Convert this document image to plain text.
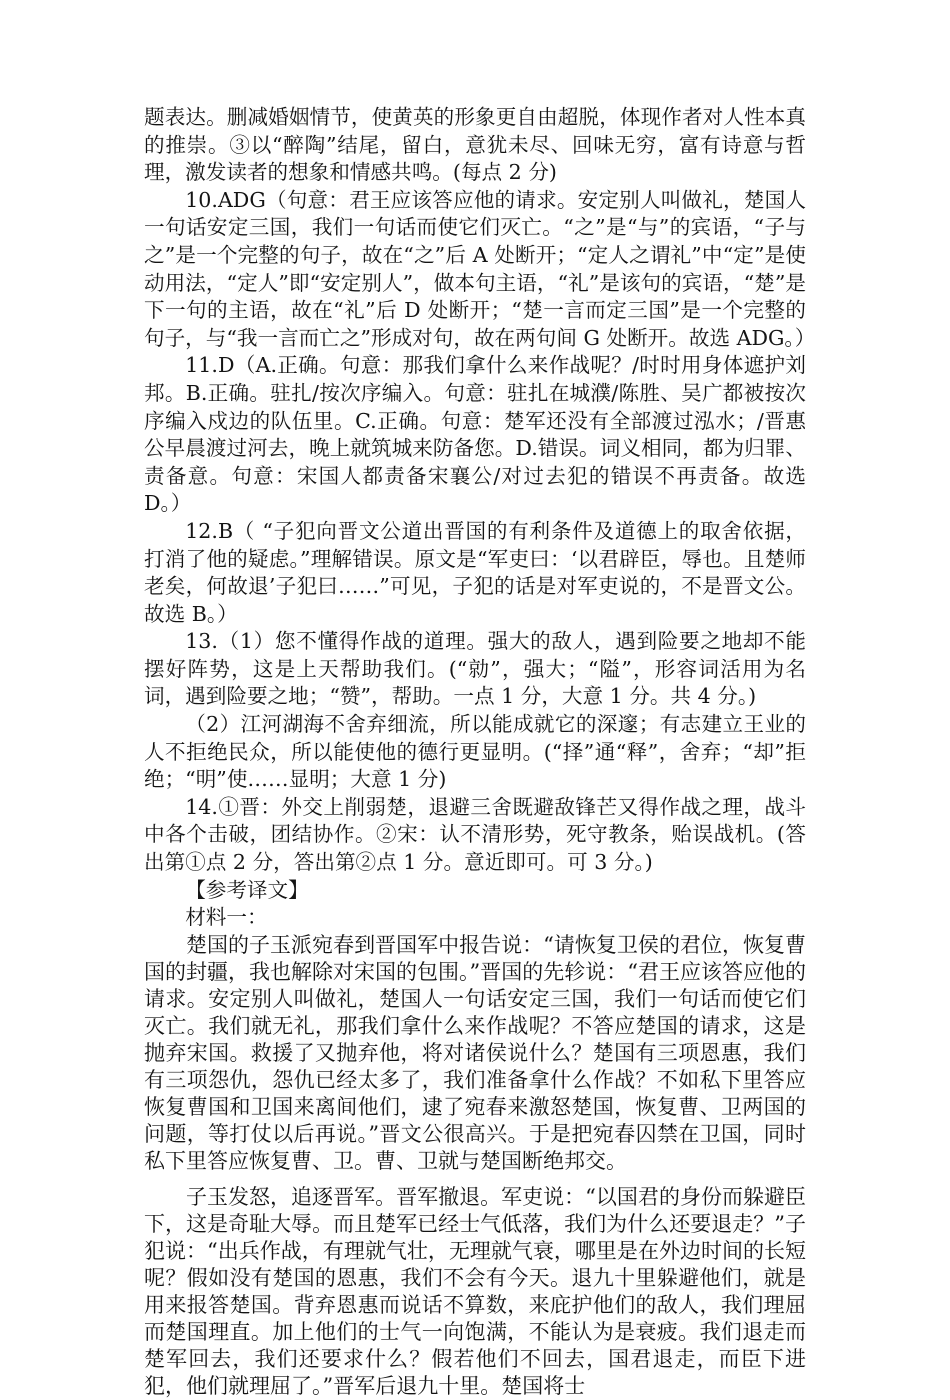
题表达。删减婚姻情节，使黄英的形象更自由超脱，体现作者对人性本真的推崇。③以“醉陶”结尾，留白，意犹未尽、回味无穷，富有诗意与哲理，激发读者的想象和情感共鸣。(每点 2 分)

10.ADG（句意：君王应该答应他的请求。安定别人叫做礼，楚国人一句话安定三国，我们一句话而使它们灭亡。“之”是“与”的宾语，“子与之”是一个完整的句子，故在“之”后 A 处断开；“定人之谓礼”中“定”是使动用法，“定人”即“安定别人”，做本句主语，“礼”是该句的宾语，“楚”是下一句的主语，故在“礼”后 D 处断开；“楚一言而定三国”是一个完整的句子，与“我一言而亡之”形成对句，故在两句间 G 处断开。故选 ADG。）

11.D（A.正确。句意：那我们拿什么来作战呢？/时时用身体遮护刘邦。B.正确。驻扎/按次序编入。句意：驻扎在城濮/陈胜、吴广都被按次序编入戍边的队伍里。C.正确。句意：楚军还没有全部渡过泓水；/晋惠公早晨渡过河去，晚上就筑城来防备您。D.错误。词义相同，都为归罪、责备意。句意：宋国人都责备宋襄公/对过去犯的错误不再责备。故选 D。）

12.B（ “子犯向晋文公道出晋国的有利条件及道德上的取舍依据，打消了他的疑虑。”理解错误。原文是“军吏曰：‘以君辟臣，辱也。且楚师老矣，何故退’子犯曰……”可见，子犯的话是对军吏说的，不是晋文公。故选 B。）

13.（1）您不懂得作战的道理。强大的敌人，遇到险要之地却不能摆好阵势，这是上天帮助我们。(“勍”，强大；“隘”，形容词活用为名词，遇到险要之地；“赞”，帮助。一点 1 分，大意 1 分。共 4 分。)

（2）江河湖海不舍弃细流，所以能成就它的深邃；有志建立王业的人不拒绝民众，所以能使他的德行更显明。(“择”通“释”，舍弃；“却”拒绝；“明”使……显明；大意 1 分)

14.①晋：外交上削弱楚，退避三舍既避敌锋芒又得作战之理，战斗中各个击破，团结协作。②宋：认不清形势，死守教条，贻误战机。(答出第①点 2 分，答出第②点 1 分。意近即可。可 3 分。)

【参考译文】

材料一：

楚国的子玉派宛春到晋国军中报告说：“请恢复卫侯的君位，恢复曹国的封疆，我也解除对宋国的包围。”晋国的先轸说：“君王应该答应他的请求。安定别人叫做礼，楚国人一句话安定三国，我们一句话而使它们灭亡。我们就无礼，那我们拿什么来作战呢？不答应楚国的请求，这是抛弃宋国。救援了又抛弃他，将对诸侯说什么？楚国有三项恩惠，我们有三项怨仇，怨仇已经太多了，我们准备拿什么作战？不如私下里答应恢复曹国和卫国来离间他们，逮了宛春来激怒楚国，恢复曹、卫两国的问题，等打仗以后再说。”晋文公很高兴。于是把宛春囚禁在卫国，同时私下里答应恢复曹、卫。曹、卫就与楚国断绝邦交。

子玉发怒，追逐晋军。晋军撤退。军吏说：“以国君的身份而躲避臣下，这是奇耻大辱。而且楚军已经士气低落，我们为什么还要退走？”子犯说：“出兵作战，有理就气壮，无理就气衰，哪里是在外边时间的长短呢？假如没有楚国的恩惠，我们不会有今天。退九十里躲避他们，就是用来报答楚国。背弃恩惠而说话不算数，来庇护他们的敌人，我们理屈而楚国理直。加上他们的士气一向饱满，不能认为是衰疲。我们退走而楚军回去，我们还要求什么？假若他们不回去，国君退走，而臣下进犯，他们就理屈了。”晋军后退九十里。楚国将士
